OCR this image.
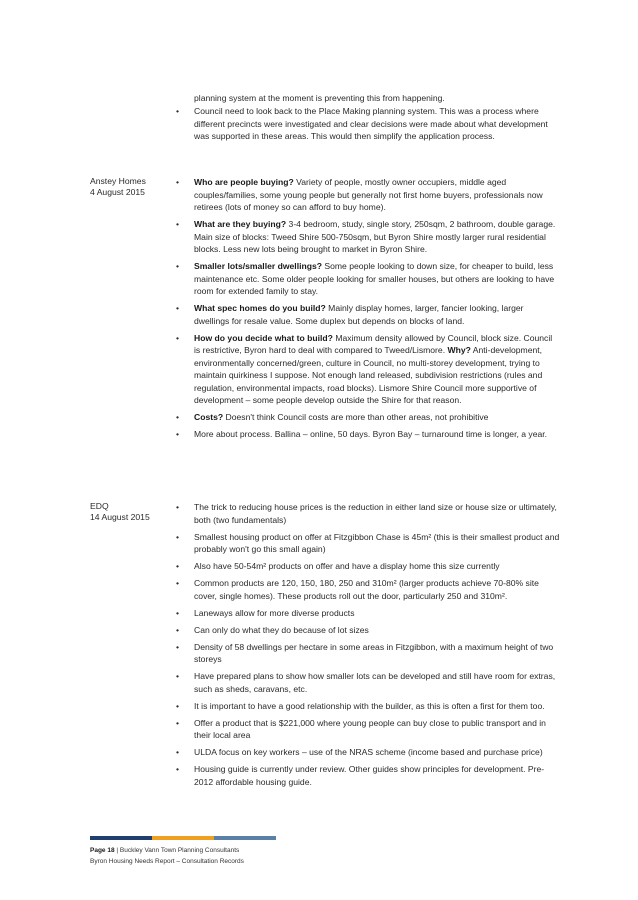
planning system at the moment is preventing this from happening.
• Council need to look back to the Place Making planning system. This was a process where different precincts were investigated and clear decisions were made about what development was supported in these areas. This would then simplify the application process.
Anstey Homes
4 August 2015
• Who are people buying? Variety of people, mostly owner occupiers, middle aged couples/families, some young people but generally not first home buyers, professionals now retirees (lots of money so can afford to buy home).
• What are they buying? 3-4 bedroom, study, single story, 250sqm, 2 bathroom, double garage. Main size of blocks: Tweed Shire 500-750sqm, but Byron Shire mostly larger rural residential blocks. Less new lots being brought to market in Byron Shire.
• Smaller lots/smaller dwellings? Some people looking to down size, for cheaper to build, less maintenance etc. Some older people looking for smaller houses, but others are looking to have room for extended family to stay.
• What spec homes do you build? Mainly display homes, larger, fancier looking, larger dwellings for resale value. Some duplex but depends on blocks of land.
• How do you decide what to build? Maximum density allowed by Council, block size. Council is restrictive, Byron hard to deal with compared to Tweed/Lismore. Why? Anti-development, environmentally concerned/green, culture in Council, no multi-storey development, trying to maintain quirkiness I suppose. Not enough land released, subdivision restrictions (rules and regulation, environmental impacts, road blocks). Lismore Shire Council more supportive of development – some people develop outside the Shire for that reason.
• Costs? Doesn't think Council costs are more than other areas, not prohibitive
• More about process. Ballina – online, 50 days. Byron Bay – turnaround time is longer, a year.
EDQ
14 August 2015
• The trick to reducing house prices is the reduction in either land size or house size or ultimately, both (two fundamentals)
• Smallest housing product on offer at Fitzgibbon Chase is 45m² (this is their smallest product and probably won't go this small again)
• Also have 50-54m² products on offer and have a display home this size currently
• Common products are 120, 150, 180, 250 and 310m² (larger products achieve 70-80% site cover, single homes). These products roll out the door, particularly 250 and 310m².
• Laneways allow for more diverse products
• Can only do what they do because of lot sizes
• Density of 58 dwellings per hectare in some areas in Fitzgibbon, with a maximum height of two storeys
• Have prepared plans to show how smaller lots can be developed and still have room for extras, such as sheds, caravans, etc.
• It is important to have a good relationship with the builder, as this is often a first for them too.
• Offer a product that is $221,000 where young people can buy close to public transport and in their local area
• ULDA focus on key workers – use of the NRAS scheme (income based and purchase price)
• Housing guide is currently under review. Other guides show principles for development. Pre-2012 affordable housing guide.
Page 18 | Buckley Vann Town Planning Consultants
Byron Housing Needs Report – Consultation Records
